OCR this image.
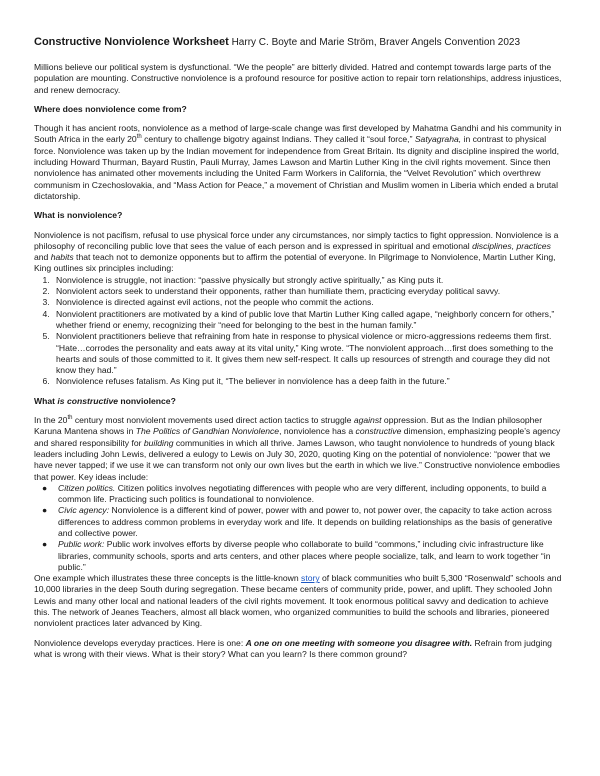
Constructive Nonviolence Worksheet Harry C. Boyte and Marie Ström, Braver Angels Convention 2023

Millions believe our political system is dysfunctional. “We the people” are bitterly divided. Hatred and contempt towards large parts of the population are mounting. Constructive nonviolence is a profound resource for positive action to repair torn relationships, address injustices, and renew democracy.

Where does nonviolence come from?

Though it has ancient roots, nonviolence as a method of large-scale change was first developed by Mahatma Gandhi and his community in South Africa in the early 20th century to challenge bigotry against Indians. They called it “soul force,” Satyagraha, in contrast to physical force. Nonviolence was taken up by the Indian movement for independence from Great Britain. Its dignity and discipline inspired the world, including Howard Thurman, Bayard Rustin, Pauli Murray, James Lawson and Martin Luther King in the civil rights movement. Since then nonviolence has animated other movements including the United Farm Workers in California, the “Velvet Revolution” which overthrew communism in Czechoslovakia, and “Mass Action for Peace,” a movement of Christian and Muslim women in Liberia which ended a brutal dictatorship.

What is nonviolence?

Nonviolence is not pacifism, refusal to use physical force under any circumstances, nor simply tactics to fight oppression. Nonviolence is a philosophy of reconciling public love that sees the value of each person and is expressed in spiritual and emotional disciplines, practices and habits that teach not to demonize opponents but to affirm the potential of everyone. In Pilgrimage to Nonviolence, Martin Luther King, King outlines six principles including:

1. Nonviolence is struggle, not inaction: “passive physically but strongly active spiritually,” as King puts it.
2. Nonviolent actors seek to understand their opponents, rather than humiliate them, practicing everyday political savvy.
3. Nonviolence is directed against evil actions, not the people who commit the actions.
4. Nonviolent practitioners are motivated by a kind of public love that Martin Luther King called agape, “neighborly concern for others,” whether friend or enemy, recognizing their “need for belonging to the best in the human family.”
5. Nonviolent practitioners believe that refraining from hate in response to physical violence or micro-aggressions redeems them first. “Hate…corrodes the personality and eats away at its vital unity,” King wrote. “The nonviolent approach…first does something to the hearts and souls of those committed to it. It gives them new self-respect. It calls up resources of strength and courage they did not know they had.”
6. Nonviolence refuses fatalism. As King put it, “The believer in nonviolence has a deep faith in the future.”
What is constructive nonviolence?

In the 20th century most nonviolent movements used direct action tactics to struggle against oppression. But as the Indian philosopher Karuna Mantena shows in The Politics of Gandhian Nonviolence, nonviolence has a constructive dimension, emphasizing people’s agency and shared responsibility for building communities in which all thrive. James Lawson, who taught nonviolence to hundreds of young black leaders including John Lewis, delivered a eulogy to Lewis on July 30, 2020, quoting King on the potential of nonviolence: “power that we have never tapped; if we use it we can transform not only our own lives but the earth in which we live.” Constructive nonviolence embodies that power. Key ideas include:

● Citizen politics. Citizen politics involves negotiating differences with people who are very different, including opponents, to build a common life. Practicing such politics is foundational to nonviolence.
● Civic agency: Nonviolence is a different kind of power, power with and power to, not power over, the capacity to take action across differences to address common problems in everyday work and life. It depends on building relationships as the basis of generative and collective power.
● Public work: Public work involves efforts by diverse people who collaborate to build “commons,” including civic infrastructure like libraries, community schools, sports and arts centers, and other places where people socialize, talk, and learn to work together “in public.”

One example which illustrates these three concepts is the little-known story of black communities who built 5,300 “Rosenwald” schools and 10,000 libraries in the deep South during segregation. These became centers of community pride, power, and uplift. They schooled John Lewis and many other local and national leaders of the civil rights movement. It took enormous political savvy and dedication to achieve this. The network of Jeanes Teachers, almost all black women, who organized communities to build the schools and libraries, pioneered nonviolent practices later advanced by King.

Nonviolence develops everyday practices. Here is one: A one on one meeting with someone you disagree with. Refrain from judging what is wrong with their views. What is their story? What can you learn? Is there common ground?
